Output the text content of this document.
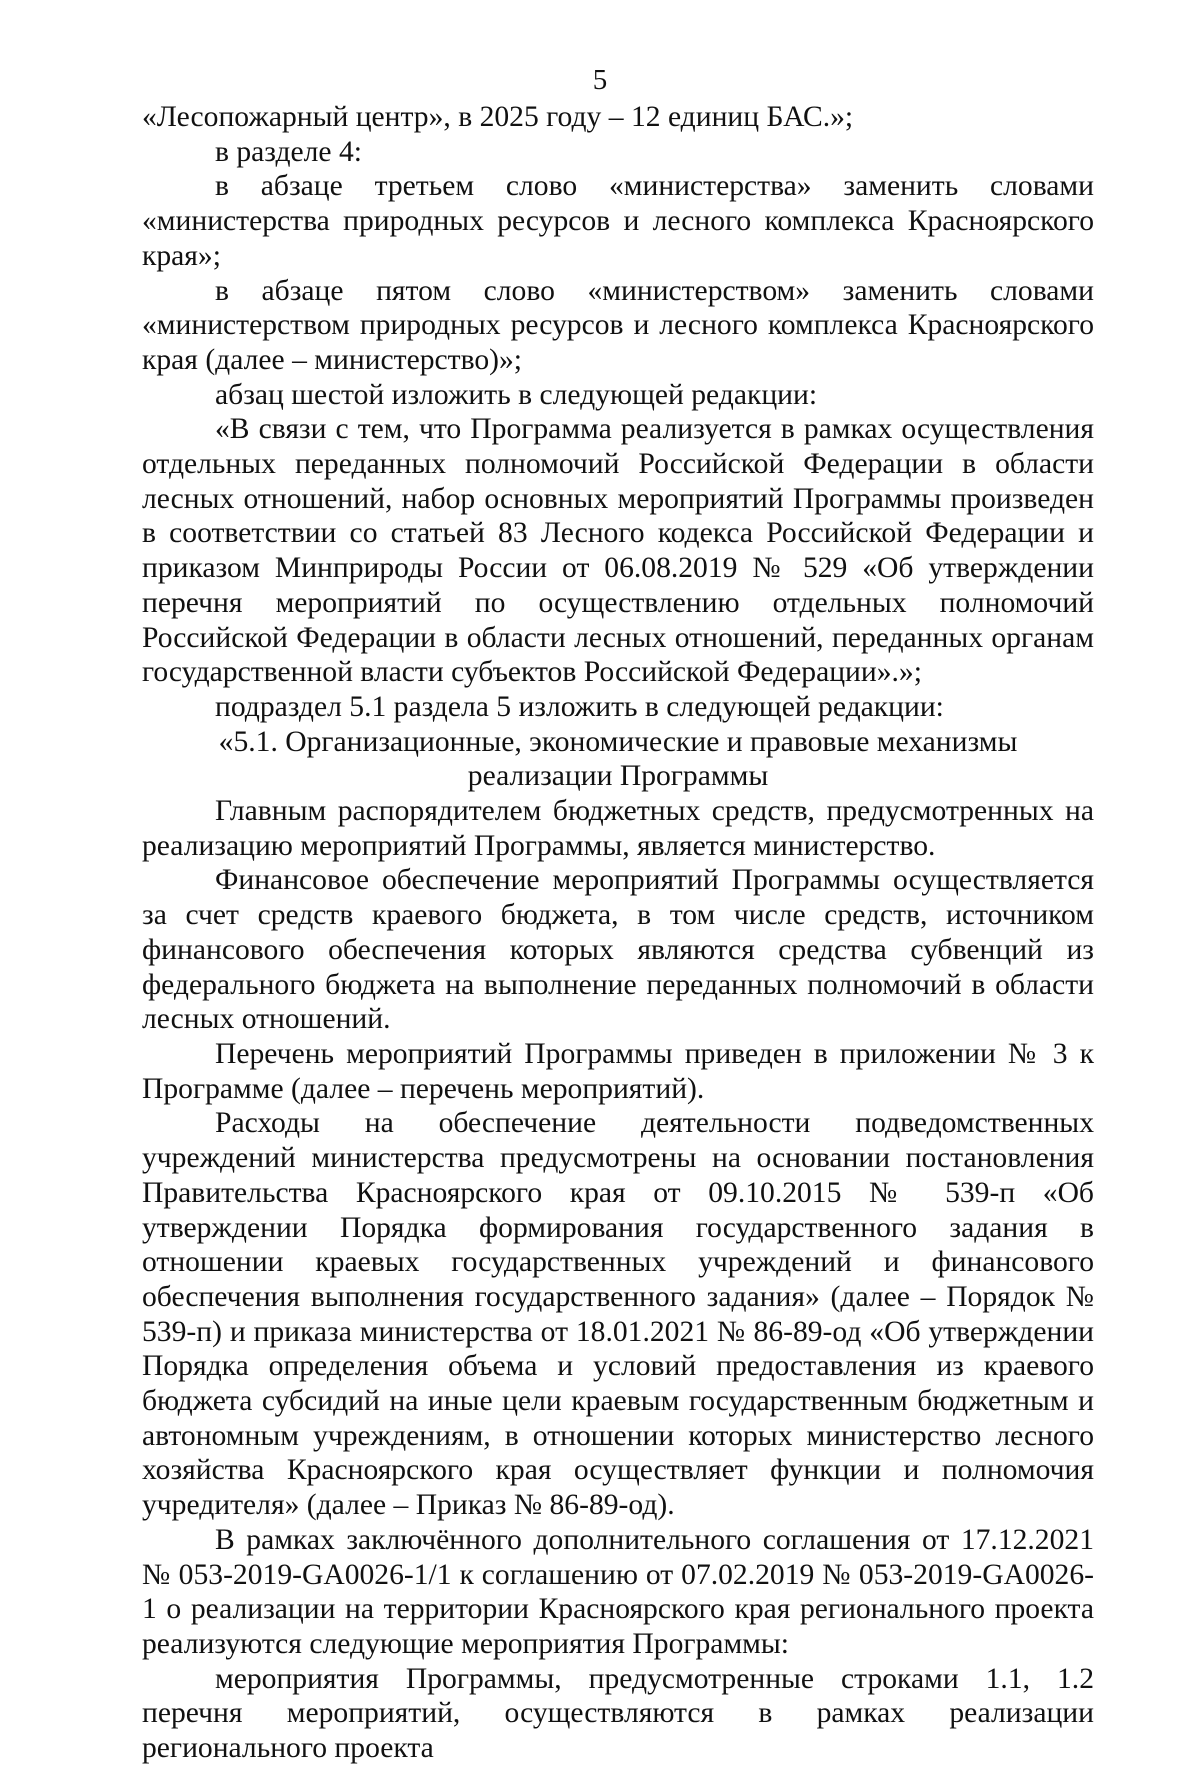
5

«Лесопожарный центр», в 2025 году – 12 единиц БАС.»;

в разделе 4:

в абзаце третьем слово «министерства» заменить словами «министерства природных ресурсов и лесного комплекса Красноярского края»;

в абзаце пятом слово «министерством» заменить словами «министерством природных ресурсов и лесного комплекса Красноярского края (далее – министерство)»;

абзац шестой изложить в следующей редакции:

«В связи с тем, что Программа реализуется в рамках осуществления отдельных переданных полномочий Российской Федерации в области лесных отношений, набор основных мероприятий Программы произведен в соответствии со статьей 83 Лесного кодекса Российской Федерации и приказом Минприроды России от 06.08.2019 № 529 «Об утверждении перечня мероприятий по осуществлению отдельных полномочий Российской Федерации в области лесных отношений, переданных органам государственной власти субъектов Российской Федерации».»;

подраздел 5.1 раздела 5 изложить в следующей редакции:

«5.1. Организационные, экономические и правовые механизмы

реализации Программы

Главным распорядителем бюджетных средств, предусмотренных на реализацию мероприятий Программы, является министерство.

Финансовое обеспечение мероприятий Программы осуществляется за счет средств краевого бюджета, в том числе средств, источником финансового обеспечения которых являются средства субвенций из федерального бюджета на выполнение переданных полномочий в области лесных отношений.

Перечень мероприятий Программы приведен в приложении № 3 к Программе (далее – перечень мероприятий).

Расходы на обеспечение деятельности подведомственных учреждений министерства предусмотрены на основании постановления Правительства Красноярского края от 09.10.2015 № 539-п «Об утверждении Порядка формирования государственного задания в отношении краевых государственных учреждений и финансового обеспечения выполнения государственного задания» (далее – Порядок № 539-п) и приказа министерства от 18.01.2021 № 86-89-од «Об утверждении Порядка определения объема и условий предоставления из краевого бюджета субсидий на иные цели краевым государственным бюджетным и автономным учреждениям, в отношении которых министерство лесного хозяйства Красноярского края осуществляет функции и полномочия учредителя» (далее – Приказ № 86-89-од).

В рамках заключённого дополнительного соглашения от 17.12.2021 № 053-2019-GA0026-1/1 к соглашению от 07.02.2019 № 053-2019-GA0026-1 о реализации на территории Красноярского края регионального проекта реализуются следующие мероприятия Программы:

мероприятия Программы, предусмотренные строками 1.1, 1.2 перечня мероприятий, осуществляются в рамках реализации регионального проекта
